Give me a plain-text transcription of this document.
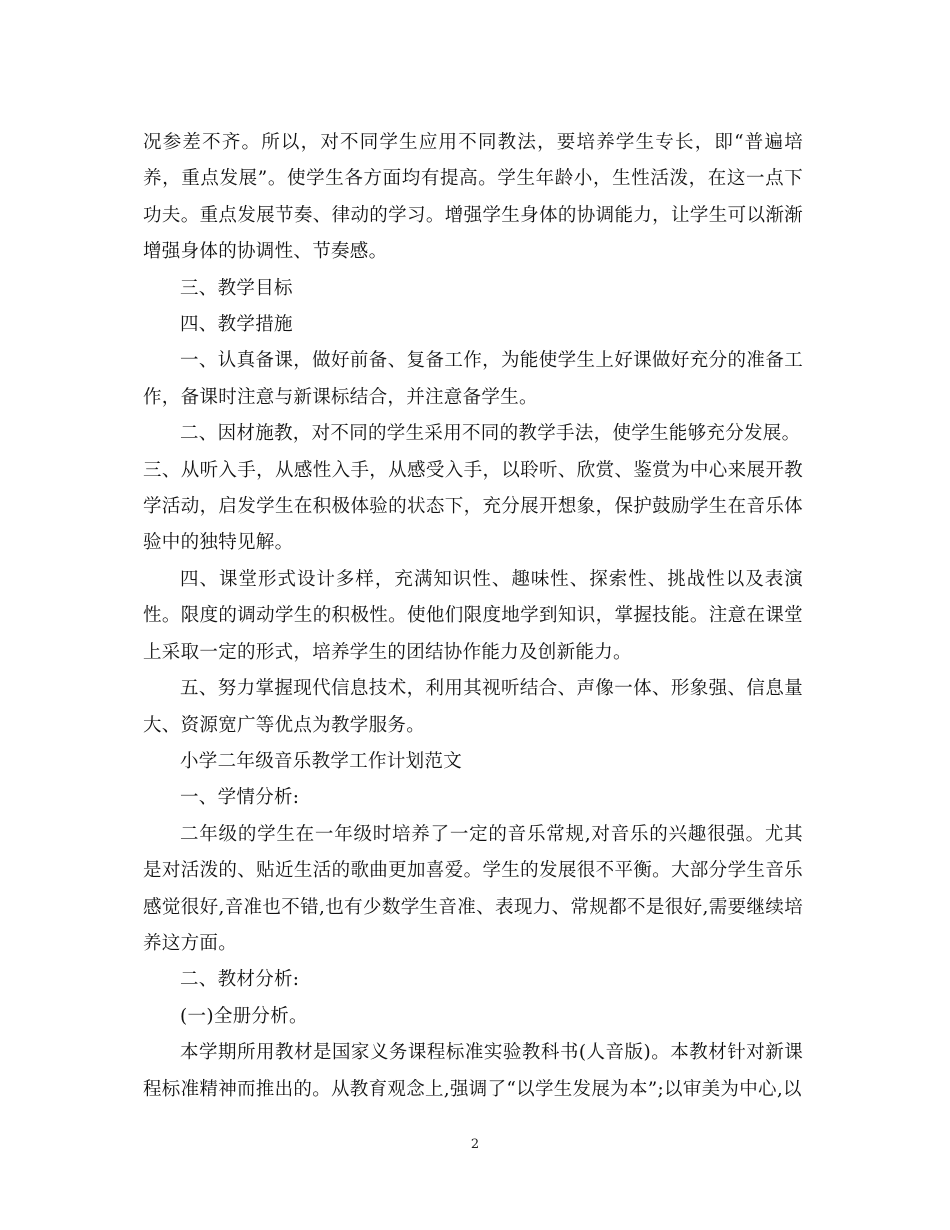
况参差不齐。所以，对不同学生应用不同教法，要培养学生专长，即“普遍培养，重点发展”。使学生各方面均有提高。学生年龄小，生性活泼，在这一点下功夫。重点发展节奏、律动的学习。增强学生身体的协调能力，让学生可以渐渐增强身体的协调性、节奏感。

三、教学目标

四、教学措施

一、认真备课，做好前备、复备工作，为能使学生上好课做好充分的准备工作，备课时注意与新课标结合，并注意备学生。

二、因材施教，对不同的学生采用不同的教学手法，使学生能够充分发展。

三、从听入手，从感性入手，从感受入手，以聆听、欣赏、鉴赏为中心来展开教学活动，启发学生在积极体验的状态下，充分展开想象，保护鼓励学生在音乐体验中的独特见解。

四、课堂形式设计多样，充满知识性、趣味性、探索性、挑战性以及表演性。限度的调动学生的积极性。使他们限度地学到知识，掌握技能。注意在课堂上采取一定的形式，培养学生的团结协作能力及创新能力。

五、努力掌握现代信息技术，利用其视听结合、声像一体、形象强、信息量大、资源宽广等优点为教学服务。

小学二年级音乐教学工作计划范文

一、学情分析:

二年级的学生在一年级时培养了一定的音乐常规,对音乐的兴趣很强。尤其是对活泼的、贴近生活的歌曲更加喜爱。学生的发展很不平衡。大部分学生音乐感觉很好,音准也不错,也有少数学生音准、表现力、常规都不是很好,需要继续培养这方面。

二、教材分析:

(一)全册分析。

本学期所用教材是国家义务课程标准实验教科书(人音版)。本教材针对新课程标准精神而推出的。从教育观念上,强调了“以学生发展为本”;以审美为中心,以

2
